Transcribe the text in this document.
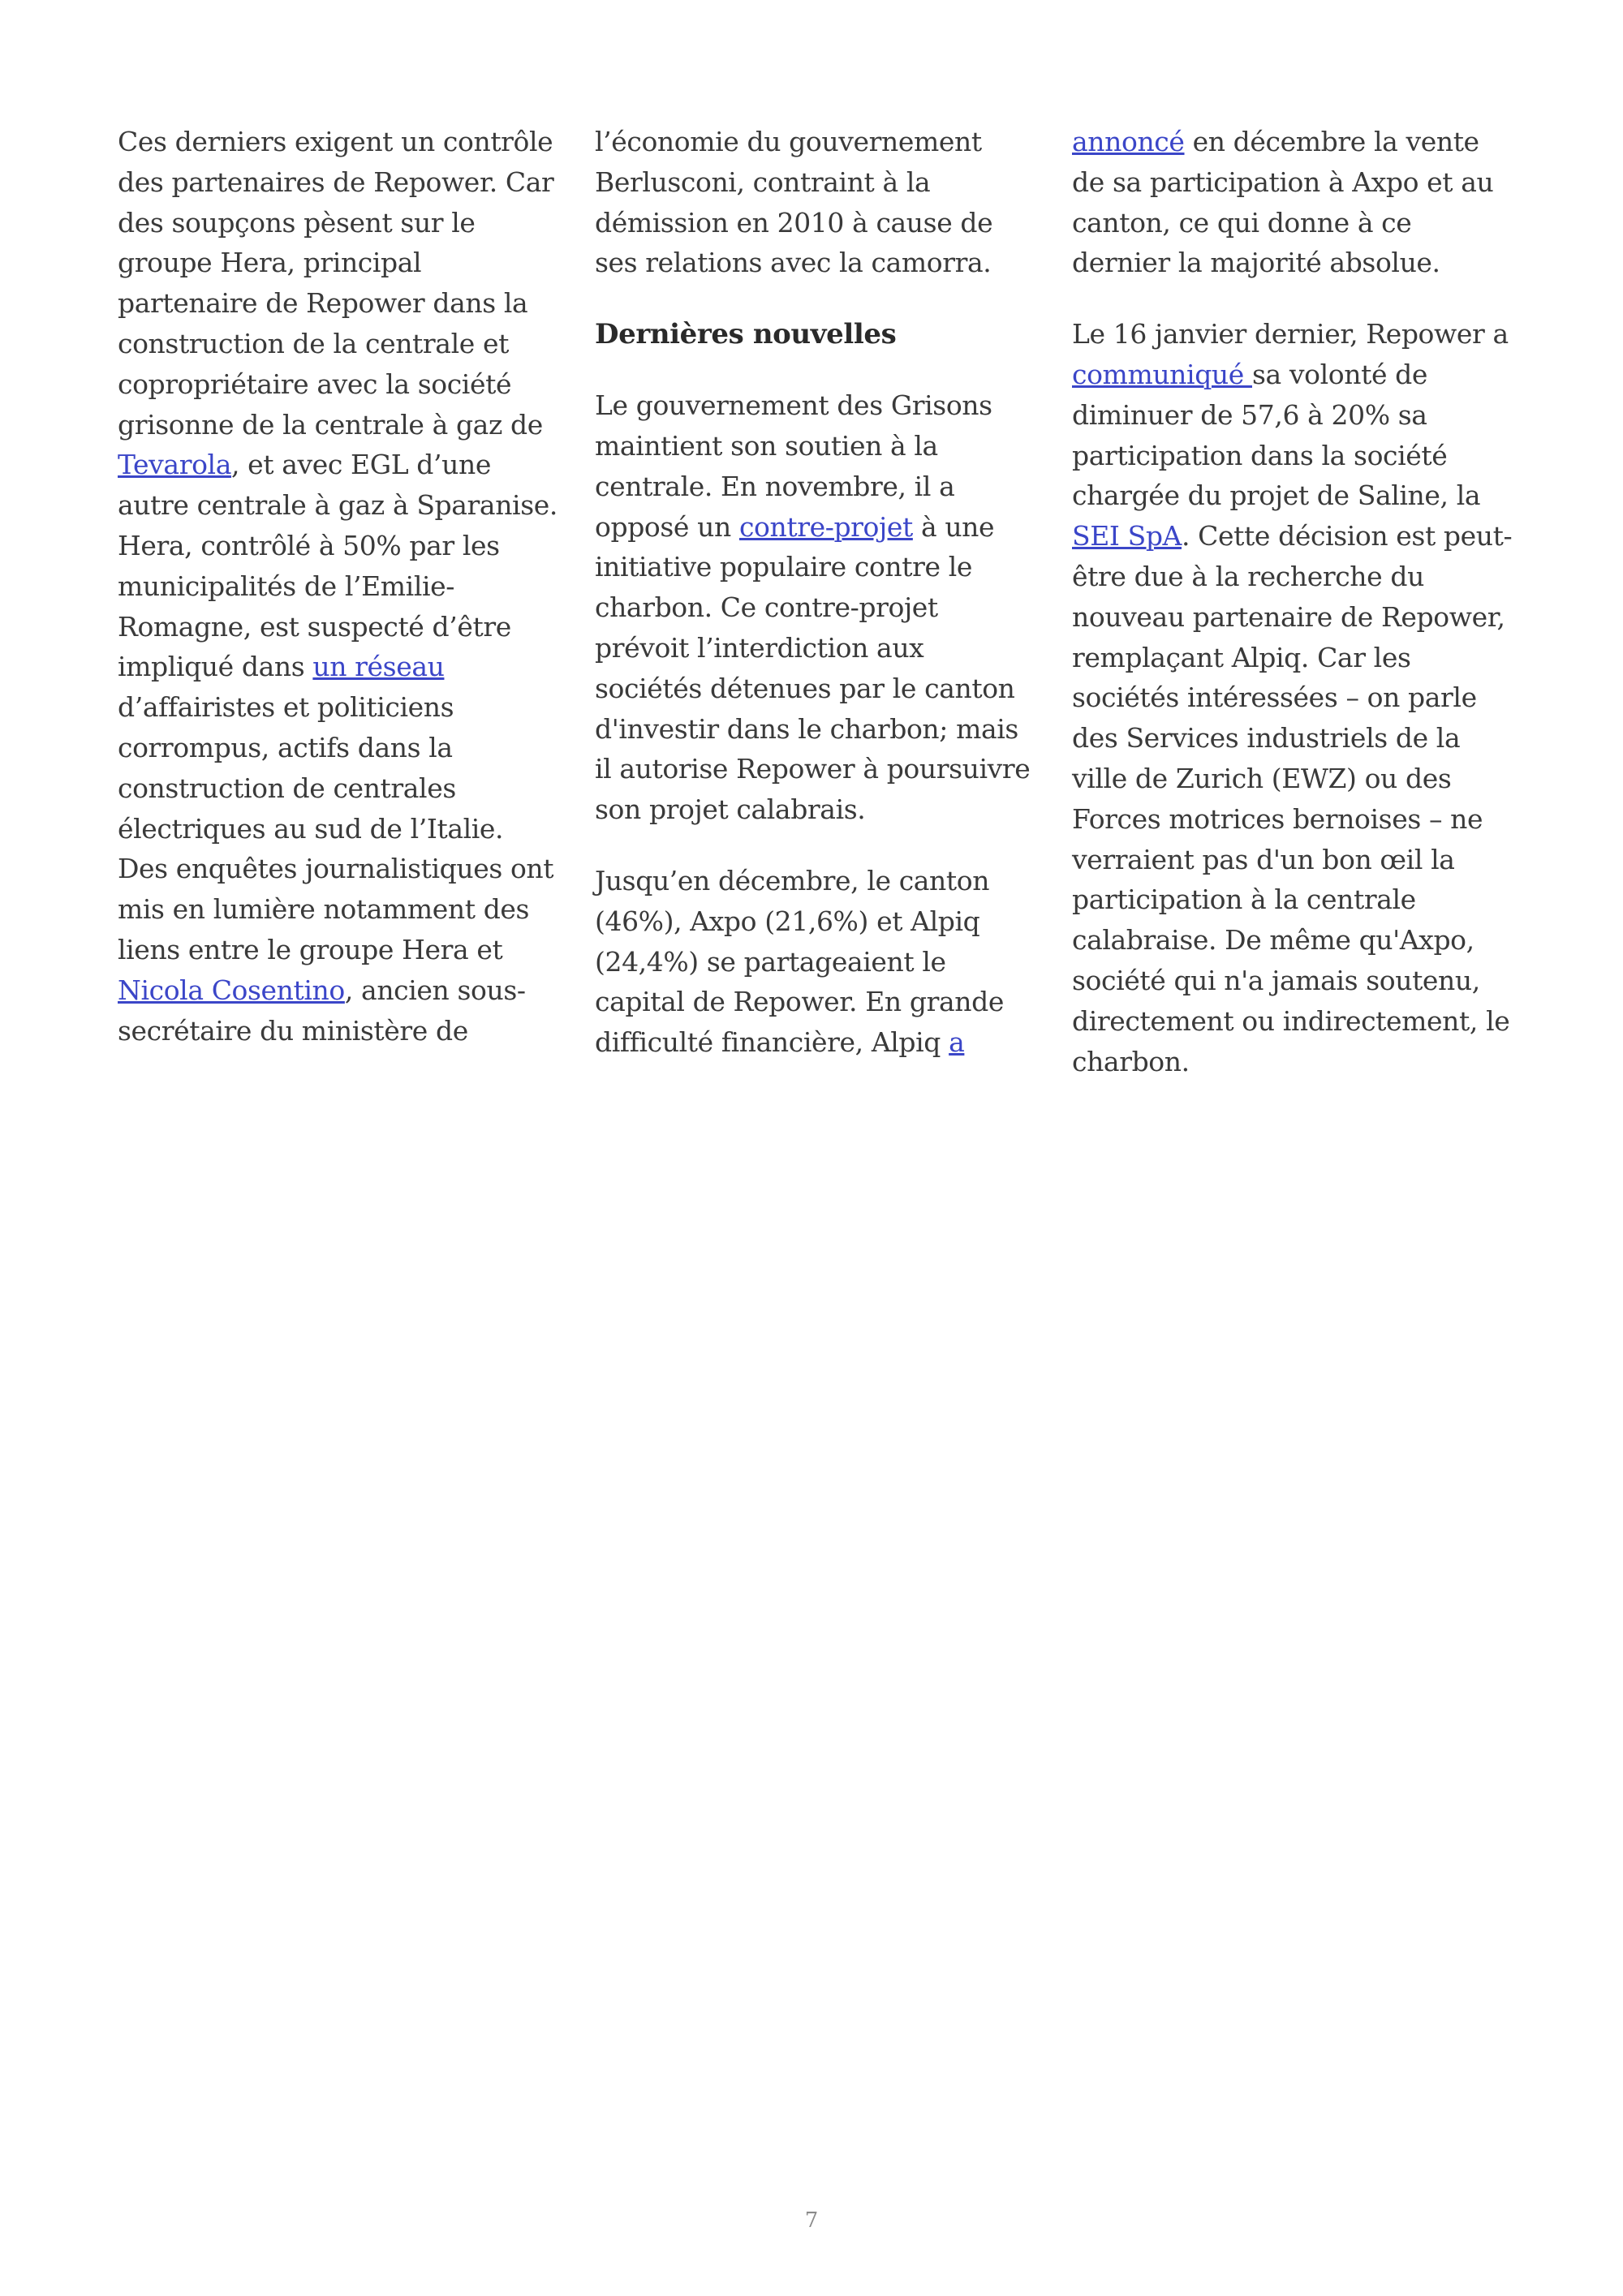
Ces derniers exigent un contrôle des partenaires de Repower. Car des soupçons pèsent sur le groupe Hera, principal partenaire de Repower dans la construction de la centrale et copropriétaire avec la société grisonne de la centrale à gaz de Tevarola, et avec EGL d’une autre centrale à gaz à Sparanise. Hera, contrôlé à 50% par les municipalités de l’Emilie-Romagne, est suspecté d’être impliqué dans un réseau d’affairistes et politiciens corrompus, actifs dans la construction de centrales électriques au sud de l’Italie. Des enquêtes journalistiques ont mis en lumière notamment des liens entre le groupe Hera et Nicola Cosentino, ancien sous-secrétaire du ministère de

l’économie du gouvernement Berlusconi, contraint à la démission en 2010 à cause de ses relations avec la camorra.

Dernières nouvelles

Le gouvernement des Grisons maintient son soutien à la centrale. En novembre, il a opposé un contre-projet à une initiative populaire contre le charbon. Ce contre-projet prévoit l’interdiction aux sociétés détenues par le canton d'investir dans le charbon; mais il autorise Repower à poursuivre son projet calabrais.

Jusqu’en décembre, le canton (46%), Axpo (21,6%) et Alpiq (24,4%) se partageaient le capital de Repower. En grande difficulté financière, Alpiq a

annoncé en décembre la vente de sa participation à Axpo et au canton, ce qui donne à ce dernier la majorité absolue.

Le 16 janvier dernier, Repower a communiqué sa volonté de diminuer de 57,6 à 20% sa participation dans la société chargée du projet de Saline, la SEI SpA. Cette décision est peut-être due à la recherche du nouveau partenaire de Repower, remplaçant Alpiq. Car les sociétés intéressées – on parle des Services industriels de la ville de Zurich (EWZ) ou des Forces motrices bernoises – ne verraient pas d'un bon œil la participation à la centrale calabraise. De même qu'Axpo, société qui n'a jamais soutenu, directement ou indirectement, le charbon.

7
